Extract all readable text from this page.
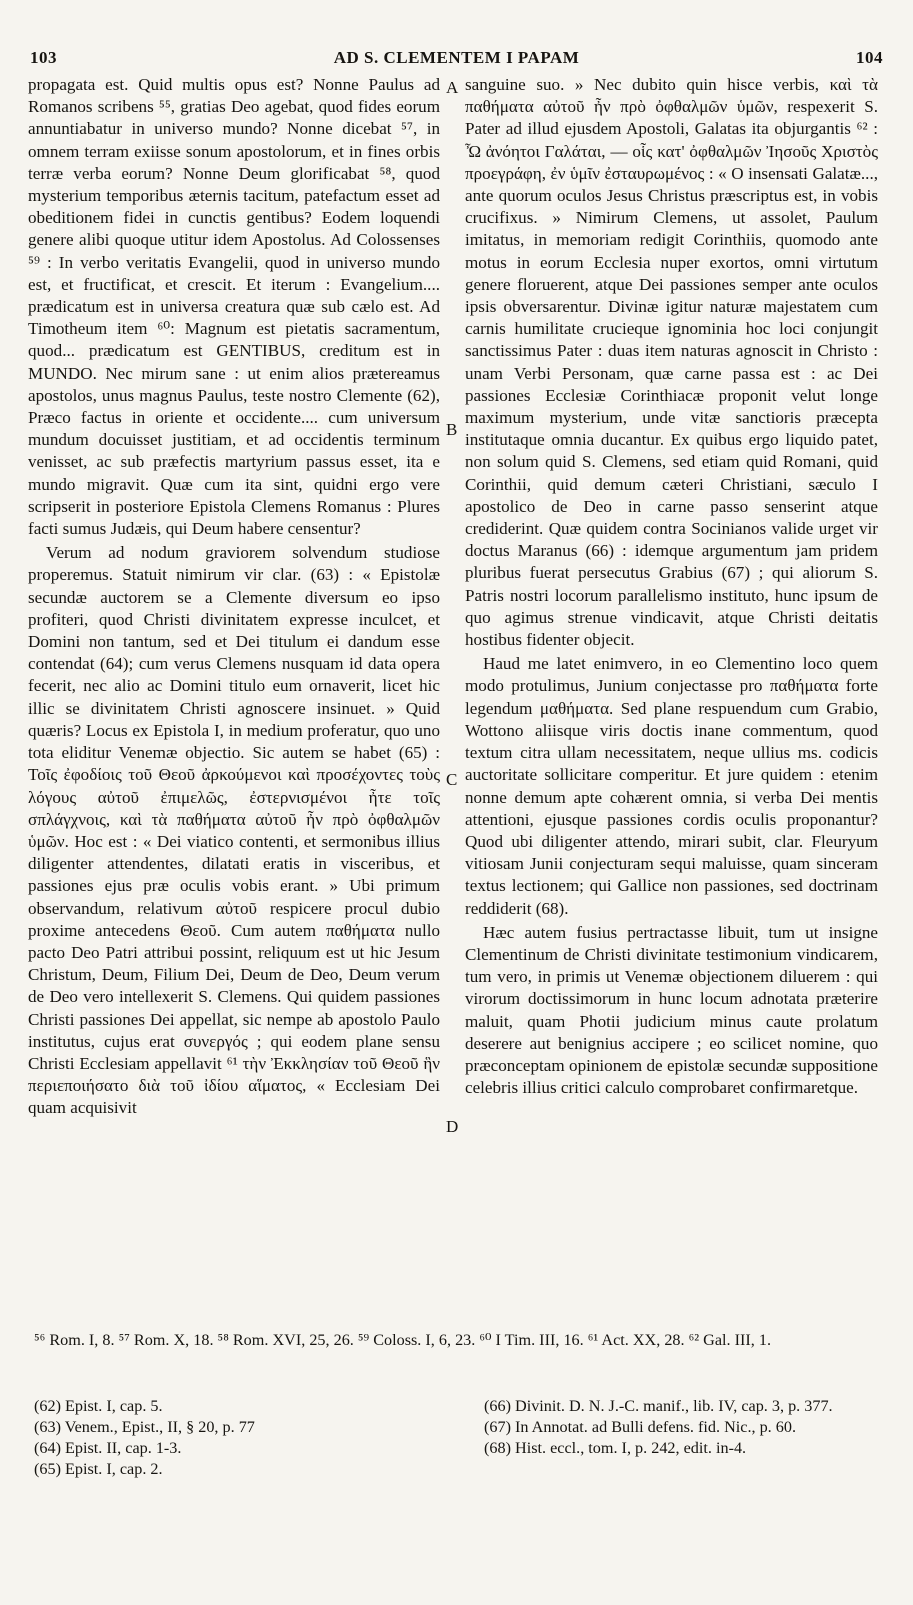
103	AD S. CLEMENTEM I PAPAM	104

propagata est. Quid multis opus est? Nonne Paulus ad Romanos scribens ⁵⁵, gratias Deo agebat, quod fides eorum annuntiabatur in universo mundo? Nonne dicebat ⁵⁷, in omnem terram exiisse sonum apostolorum, et in fines orbis terræ verba eorum? Nonne Deum glorificabat ⁵⁸, quod mysterium temporibus æternis tacitum, patefactum esset ad obeditionem fidei in cunctis gentibus? Eodem loquendi genere alibi quoque utitur idem Apostolus. Ad Colossenses ⁵⁹ : In verbo veritatis Evangelii, quod in universo mundo est, et fructificat, et crescit. Et iterum : Evangelium.... prædicatum est in universa creatura quæ sub cælo est. Ad Timotheum item ⁶⁰: Magnum est pietatis sacramentum, quod... prædicatum est GENTIBUS, creditum est in MUNDO. Nec mirum sane : ut enim alios prætereamus apostolos, unus magnus Paulus, teste nostro Clemente (62), Præco factus in oriente et occidente.... cum universum mundum docuisset justitiam, et ad occidentis terminum venisset, ac sub præfectis martyrium passus esset, ita e mundo migravit. Quæ cum ita sint, quidni ergo vere scripserit in posteriore Epistola Clemens Romanus : Plures facti sumus Judæis, qui Deum habere censentur?

Verum ad nodum graviorem solvendum studiose properemus. Statuit nimirum vir clar. (63) : « Epistolæ secundæ auctorem se a Clemente diversum eo ipso profiteri, quod Christi divinitatem expresse inculcet, et Domini non tantum, sed et Dei titulum ei dandum esse contendat (64); cum verus Clemens nusquam id data opera fecerit, nec alio ac Domini titulo eum ornaverit, licet hic illic se divinitatem Christi agnoscere insinuet. » Quid quæris? Locus ex Epistola I, in medium proferatur, quo uno tota eliditur Venemæ objectio. Sic autem se habet (65) : Τοῖς ἐφοδίοις τοῦ Θεοῦ ἀρκούμενοι καὶ προσέχοντες τοὺς λόγους αὐτοῦ ἐπιμελῶς, ἐστερνισμένοι ἦτε τοῖς σπλάγχνοις, καὶ τὰ παθήματα αὐτοῦ ἦν πρὸ ὀφθαλμῶν ὑμῶν. Hoc est : « Dei viatico contenti, et sermonibus illius diligenter attendentes, dilatati eratis in visceribus, et passiones ejus præ oculis vobis erant. » Ubi primum observandum, relativum αὐτοῦ respicere procul dubio proxime antecedens Θεοῦ. Cum autem παθήματα nullo pacto Deo Patri attribui possint, reliquum est ut hic Jesum Christum, Deum, Filium Dei, Deum de Deo, Deum verum de Deo vero intellexerit S. Clemens. Qui quidem passiones Christi passiones Dei appellat, sic nempe ab apostolo Paulo institutus, cujus erat συνεργός ; qui eodem plane sensu Christi Ecclesiam appellavit ⁶¹ τὴν Ἐκκλησίαν τοῦ Θεοῦ ἣν περιεποιήσατο διὰ τοῦ ἰδίου αἵματος, « Ecclesiam Dei quam acquisivit

A
B
C
D

sanguine suo. » Nec dubito quin hisce verbis, καὶ τὰ παθήματα αὐτοῦ ἦν πρὸ ὀφθαλμῶν ὑμῶν, respexerit S. Pater ad illud ejusdem Apostoli, Galatas ita objurgantis ⁶² : Ὦ ἀνόητοι Γαλάται, — οἷς κατ' ὀφθαλμῶν Ἰησοῦς Χριστὸς προεγράφη, ἐν ὑμῖν ἐσταυρωμένος : « O insensati Galatæ..., ante quorum oculos Jesus Christus præscriptus est, in vobis crucifixus. » Nimirum Clemens, ut assolet, Paulum imitatus, in memoriam redigit Corinthiis, quomodo ante motus in eorum Ecclesia nuper exortos, omni virtutum genere floruerent, atque Dei passiones semper ante oculos ipsis obversarentur. Divinæ igitur naturæ majestatem cum carnis humilitate crucieque ignominia hoc loci conjungit sanctissimus Pater : duas item naturas agnoscit in Christo : unam Verbi Personam, quæ carne passa est : ac Dei passiones Ecclesiæ Corinthiacæ proponit velut longe maximum mysterium, unde vitæ sanctioris præcepta institutaque omnia ducantur. Ex quibus ergo liquido patet, non solum quid S. Clemens, sed etiam quid Romani, quid Corinthii, quid demum cæteri Christiani, sæculo I apostolico de Deo in carne passo senserint atque crediderint. Quæ quidem contra Socinianos valide urget vir doctus Maranus (66) : idemque argumentum jam pridem pluribus fuerat persecutus Grabius (67) ; qui aliorum S. Patris nostri locorum parallelismo instituto, hunc ipsum de quo agimus strenue vindicavit, atque Christi deitatis hostibus fidenter objecit.

Haud me latet enimvero, in eo Clementino loco quem modo protulimus, Junium conjectasse pro παθήματα forte legendum μαθήματα. Sed plane respuendum cum Grabio, Wottono aliisque viris doctis inane commentum, quod textum citra ullam necessitatem, neque ullius ms. codicis auctoritate sollicitare comperitur. Et jure quidem : etenim nonne demum apte cohærent omnia, si verba Dei mentis attentioni, ejusque passiones cordis oculis proponantur? Quod ubi diligenter attendo, mirari subit, clar. Fleuryum vitiosam Junii conjecturam sequi maluisse, quam sinceram textus lectionem; qui Gallice non passiones, sed doctrinam reddiderit (68).

Hæc autem fusius pertractasse libuit, tum ut insigne Clementinum de Christi divinitate testimonium vindicarem, tum vero, in primis ut Venemæ objectionem diluerem : qui virorum doctissimorum in hunc locum adnotata præterire maluit, quam Photii judicium minus caute prolatum deserere aut benignius accipere ; eo scilicet nomine, quo præconceptam opinionem de epistolæ secundæ suppositione celebris illius critici calculo comprobaret confirmaretque.

⁵⁶ Rom. I, 8. ⁵⁷ Rom. X, 18. ⁵⁸ Rom. XVI, 25, 26. ⁵⁹ Coloss. I, 6, 23. ⁶⁰ I Tim. III, 16. ⁶¹ Act. XX, 28. ⁶² Gal. III, 1.

(62) Epist. I, cap. 5.
(63) Venem., Epist., II, § 20, p. 77
(64) Epist. II, cap. 1-3.
(65) Epist. I, cap. 2.
(66) Divinit. D. N. J.-C. manif., lib. IV, cap. 3, p. 377.
(67) In Annotat. ad Bulli defens. fid. Nic., p. 60.
(68) Hist. eccl., tom. I, p. 242, edit. in-4.
